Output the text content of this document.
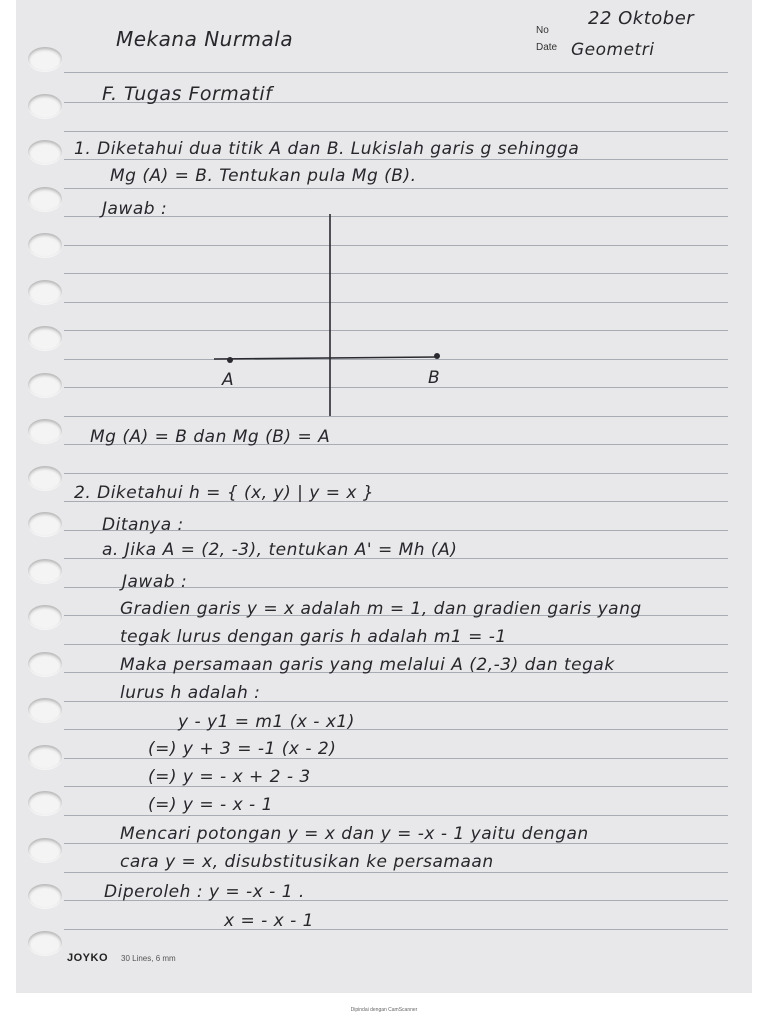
No
Date
Mekana Nurmala
22 Oktober
Geometri
F. Tugas Formatif
1. Diketahui dua titik A dan B. Lukislah garis g sehingga
Mg (A) = B. Tentukan pula Mg (B).
Jawab :
A	B
Mg (A) = B dan Mg (B) = A
2. Diketahui h = { (x, y) | y = x }
Ditanya :
a. Jika A = (2, -3), tentukan A' = Mh (A)
Jawab :
Gradien garis y = x adalah m = 1, dan gradien garis yang
tegak lurus dengan garis h adalah m1 = -1
Maka persamaan garis yang melalui A (2,-3) dan tegak
lurus h adalah :
y - y1 = m1 (x - x1)
(=) y + 3 = -1 (x - 2)
(=) y = - x + 2 - 3
(=) y = - x - 1
Mencari potongan y = x dan y = -x - 1 yaitu dengan
cara y = x, disubstitusikan ke persamaan
Diperoleh : y = -x - 1 .
x = - x - 1
JOYKO 30 Lines, 6 mm
Dipindai dengan CamScanner
